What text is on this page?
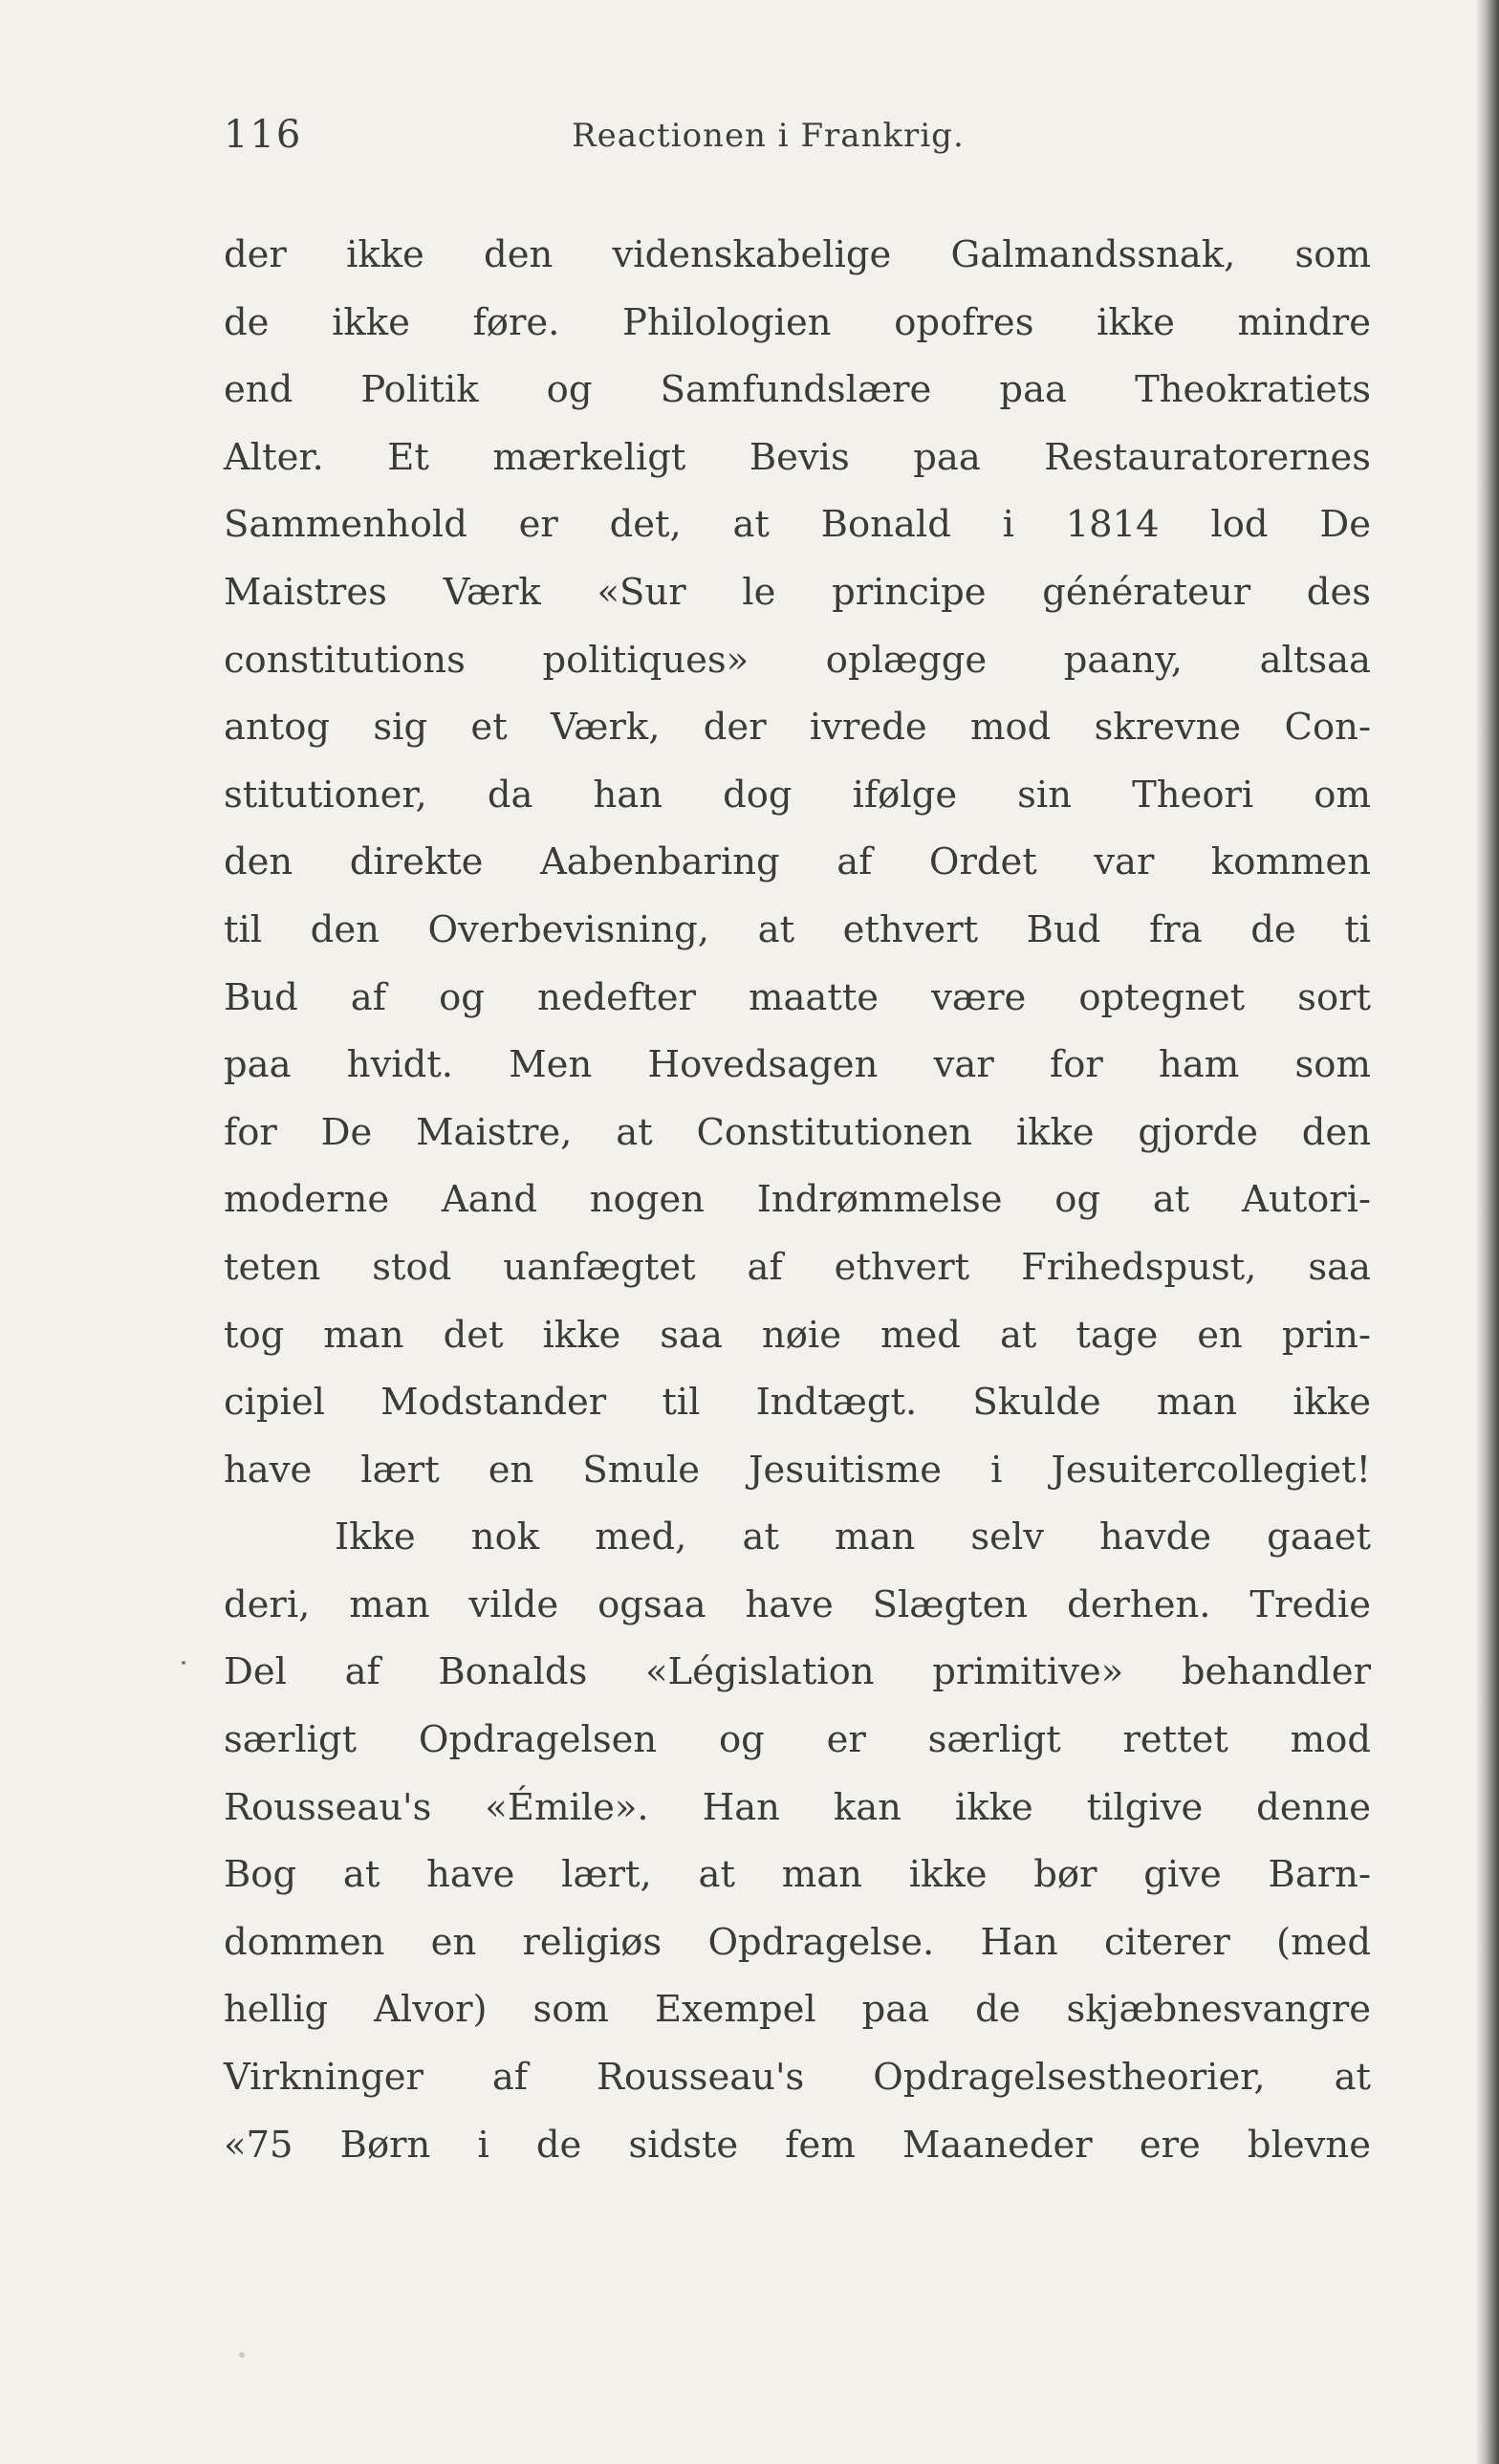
116	Reactionen i Frankrig.
der ikke den videnskabelige Galmandssnak, som
de ikke føre. Philologien opofres ikke mindre
end Politik og Samfundslære paa Theokratiets
Alter. Et mærkeligt Bevis paa Restauratorernes
Sammenhold er det, at Bonald i 1814 lod De
Maistres Værk «Sur le principe générateur des
constitutions politiques» oplægge paany, altsaa
antog sig et Værk, der ivrede mod skrevne Con-
stitutioner, da han dog ifølge sin Theori om
den direkte Aabenbaring af Ordet var kommen
til den Overbevisning, at ethvert Bud fra de ti
Bud af og nedefter maatte være optegnet sort
paa hvidt. Men Hovedsagen var for ham som
for De Maistre, at Constitutionen ikke gjorde den
moderne Aand nogen Indrømmelse og at Autori-
teten stod uanfægtet af ethvert Frihedspust, saa
tog man det ikke saa nøie med at tage en prin-
cipiel Modstander til Indtægt. Skulde man ikke
have lært en Smule Jesuitisme i Jesuitercollegiet!
Ikke nok med, at man selv havde gaaet
deri, man vilde ogsaa have Slægten derhen. Tredie
Del af Bonalds «Législation primitive» behandler
særligt Opdragelsen og er særligt rettet mod
Rousseau's «Émile». Han kan ikke tilgive denne
Bog at have lært, at man ikke bør give Barn-
dommen en religiøs Opdragelse. Han citerer (med
hellig Alvor) som Exempel paa de skjæbnesvangre
Virkninger af Rousseau's Opdragelsestheorier, at
«75 Børn i de sidste fem Maaneder ere blevne
